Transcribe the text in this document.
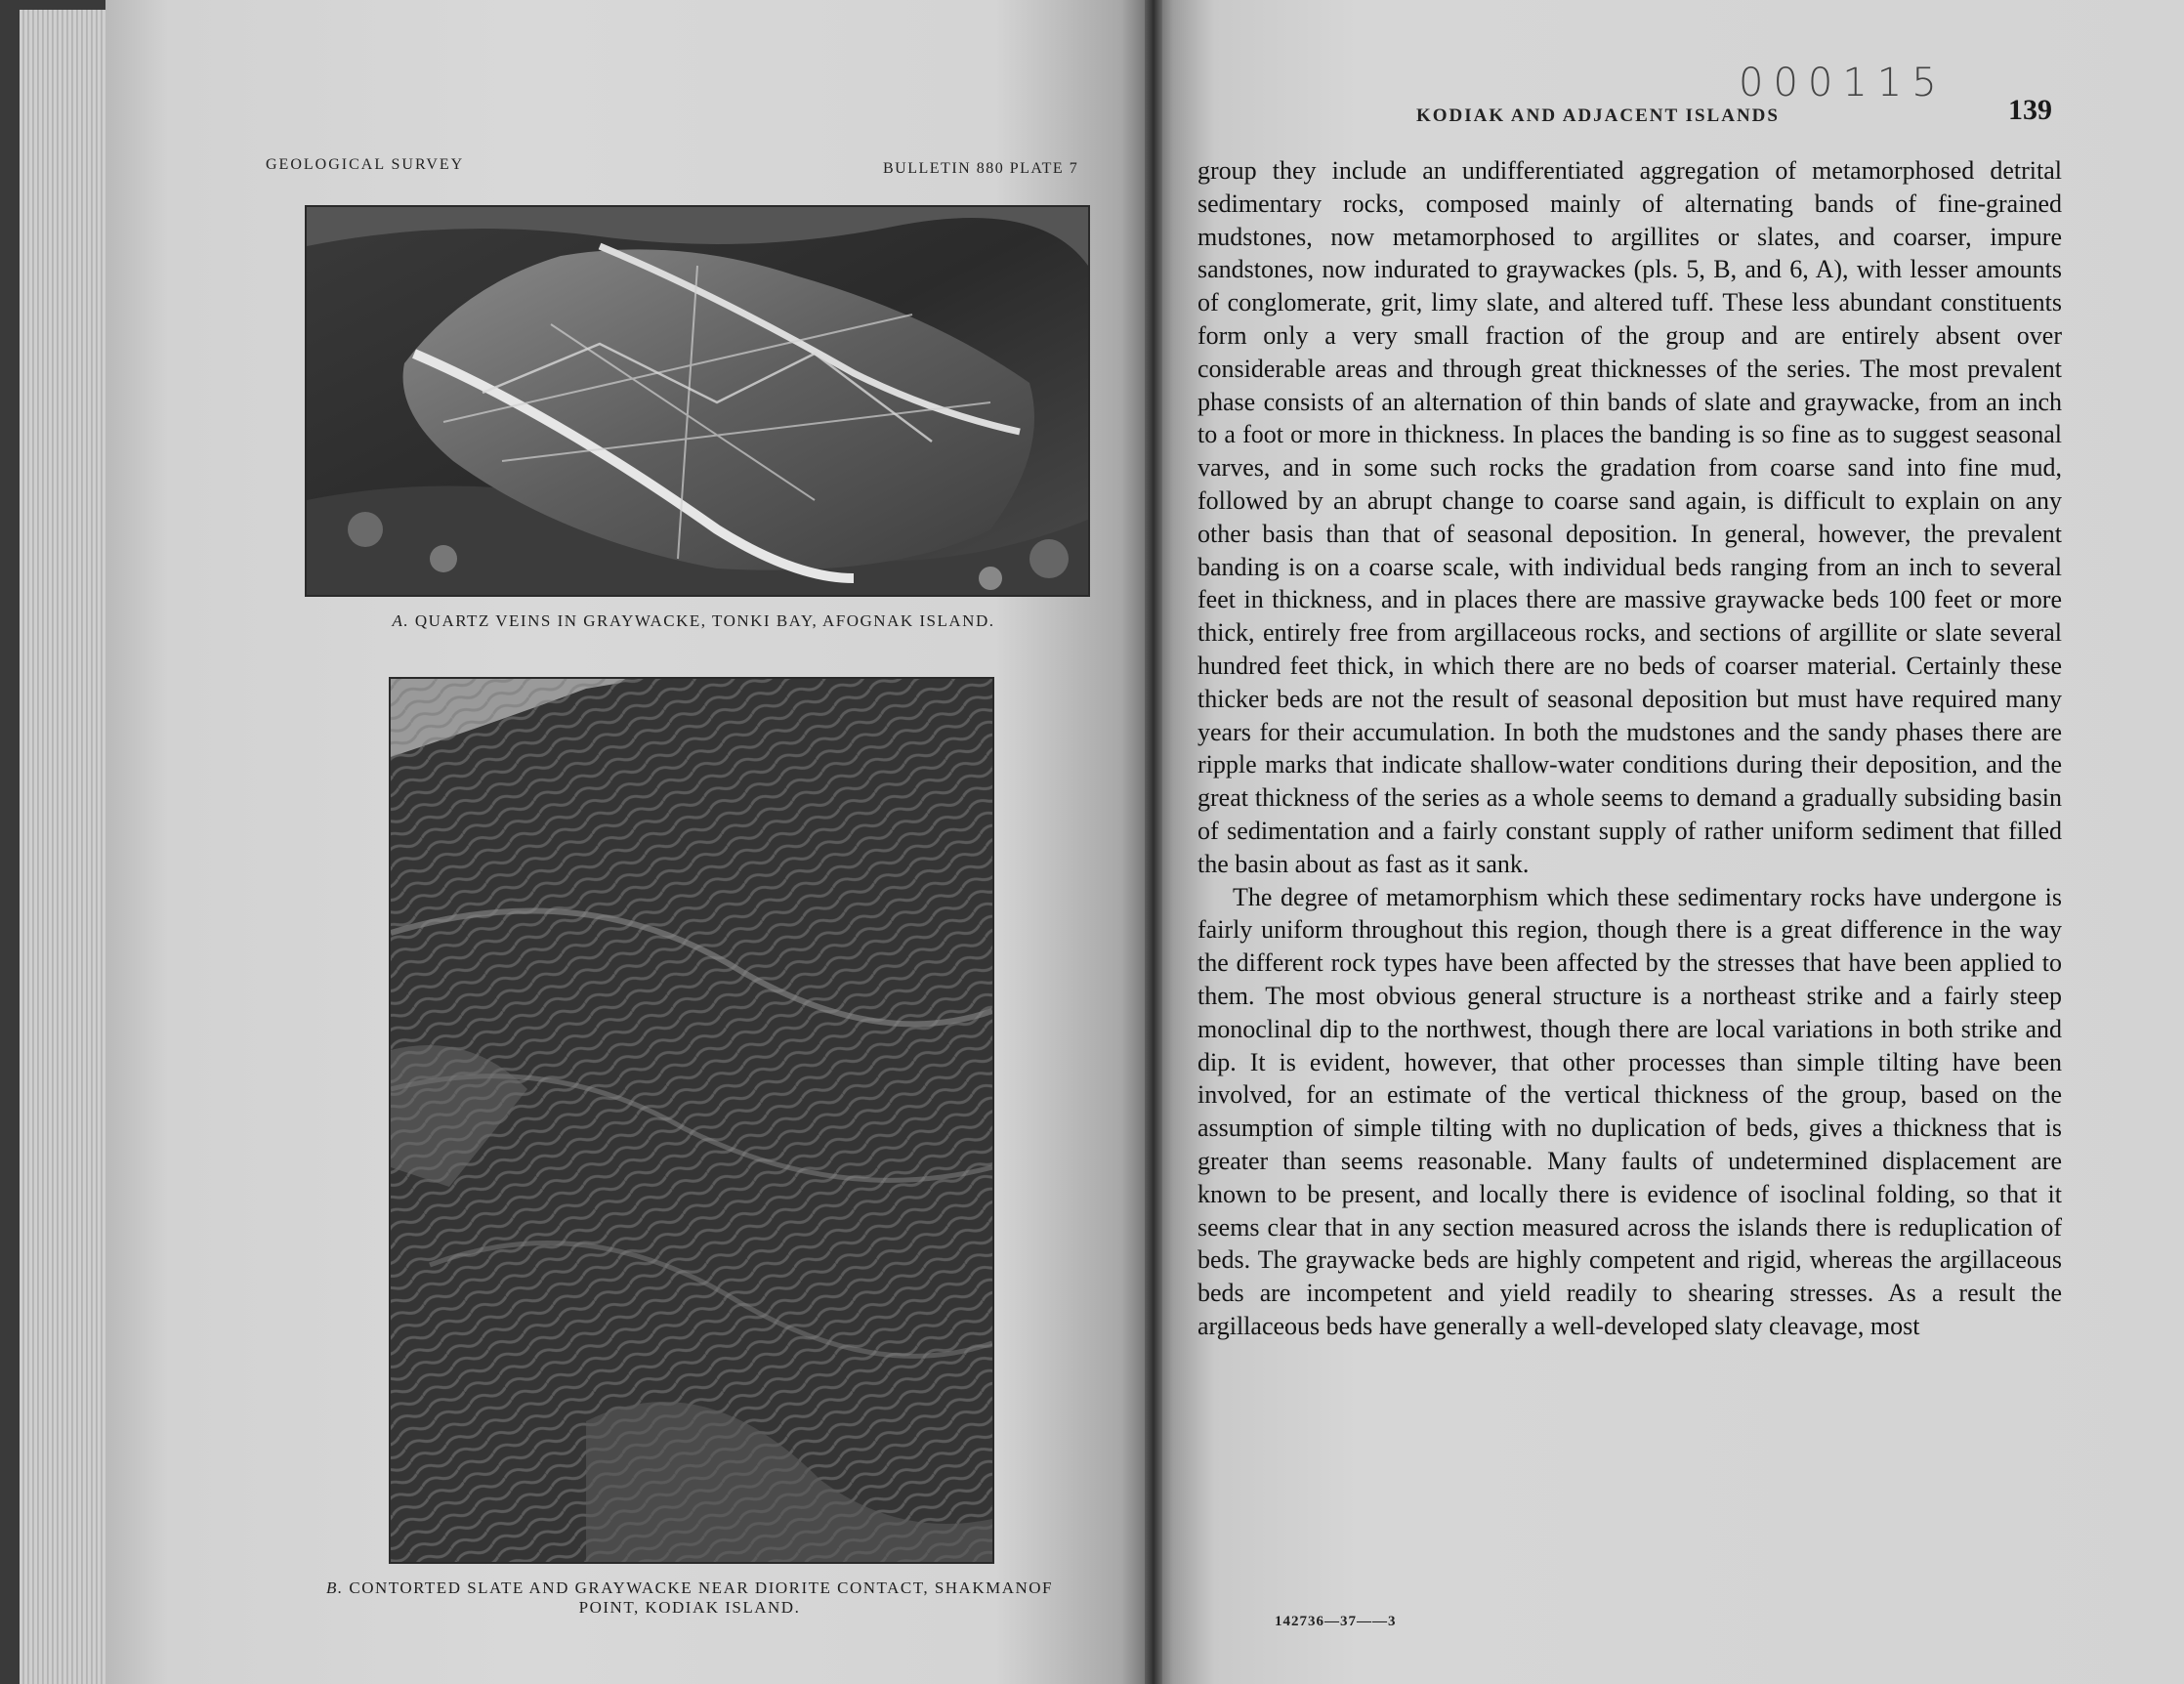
GEOLOGICAL SURVEY	BULLETIN 880 PLATE 7
A. QUARTZ VEINS IN GRAYWACKE, TONKI BAY, AFOGNAK ISLAND.
B. CONTORTED SLATE AND GRAYWACKE NEAR DIORITE CONTACT, SHAKMANOF
POINT, KODIAK ISLAND.
000115
KODIAK AND ADJACENT ISLANDS	139

group they include an undifferentiated aggregation of metamorphosed detrital sedimentary rocks, composed mainly of alternating bands of fine-grained mudstones, now metamorphosed to argillites or slates, and coarser, impure sandstones, now indurated to graywackes (pls. 5, B, and 6, A), with lesser amounts of conglomerate, grit, limy slate, and altered tuff. These less abundant constituents form only a very small fraction of the group and are entirely absent over considerable areas and through great thicknesses of the series. The most prevalent phase consists of an alternation of thin bands of slate and graywacke, from an inch to a foot or more in thickness. In places the banding is so fine as to suggest seasonal varves, and in some such rocks the gradation from coarse sand into fine mud, followed by an abrupt change to coarse sand again, is difficult to explain on any other basis than that of seasonal deposition. In general, however, the prevalent banding is on a coarse scale, with individual beds ranging from an inch to several feet in thickness, and in places there are massive graywacke beds 100 feet or more thick, entirely free from argillaceous rocks, and sections of argillite or slate several hundred feet thick, in which there are no beds of coarser material. Certainly these thicker beds are not the result of seasonal deposition but must have required many years for their accumulation. In both the mudstones and the sandy phases there are ripple marks that indicate shallow-water conditions during their deposition, and the great thickness of the series as a whole seems to demand a gradually subsiding basin of sedimentation and a fairly constant supply of rather uniform sediment that filled the basin about as fast as it sank.

The degree of metamorphism which these sedimentary rocks have undergone is fairly uniform throughout this region, though there is a great difference in the way the different rock types have been affected by the stresses that have been applied to them. The most obvious general structure is a northeast strike and a fairly steep monoclinal dip to the northwest, though there are local variations in both strike and dip. It is evident, however, that other processes than simple tilting have been involved, for an estimate of the vertical thickness of the group, based on the assumption of simple tilting with no duplication of beds, gives a thickness that is greater than seems reasonable. Many faults of undetermined displacement are known to be present, and locally there is evidence of isoclinal folding, so that it seems clear that in any section measured across the islands there is reduplication of beds. The graywacke beds are highly competent and rigid, whereas the argillaceous beds are incompetent and yield readily to shearing stresses. As a result the argillaceous beds have generally a well-developed slaty cleavage, most

142736—37——3
